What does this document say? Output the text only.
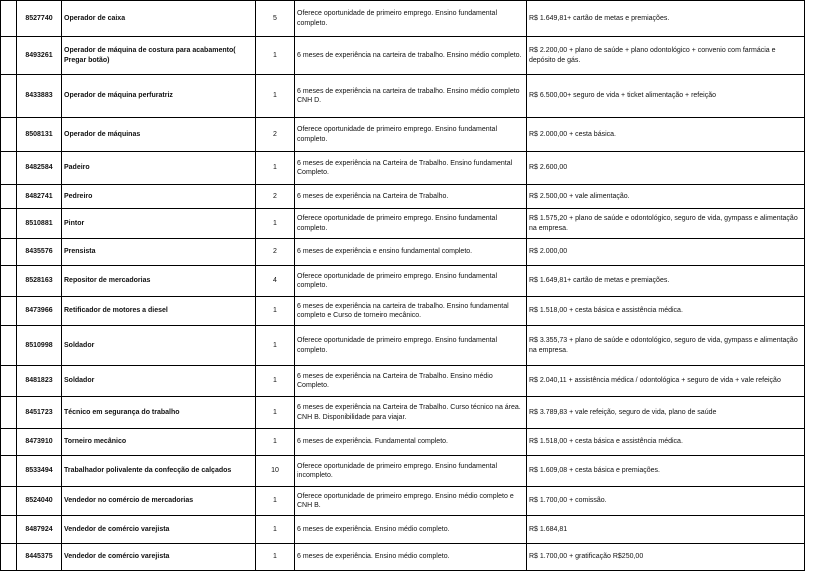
	8527740	Operador de caixa	5	Oferece oportunidade de primeiro emprego. Ensino fundamental completo.	R$ 1.649,81+ cartão de metas e premiações.
	8493261	Operador de máquina de costura para acabamento( Pregar botão)	1	6 meses de experiência na carteira de trabalho. Ensino médio completo.	R$ 2.200,00 + plano de saúde + plano odontológico + convenio com farmácia e depósito de gás.
	8433883	Operador de máquina perfuratriz	1	6 meses de experiência na carteira de trabalho. Ensino médio completo CNH D.	R$ 6.500,00+ seguro de vida + ticket alimentação + refeição
	8508131	Operador de máquinas	2	Oferece oportunidade de primeiro emprego. Ensino fundamental completo.	R$ 2.000,00 + cesta básica.
	8482584	Padeiro	1	6 meses de experiência na Carteira de Trabalho. Ensino fundamental Completo.	R$ 2.600,00
	8482741	Pedreiro	2	6 meses de experiência na Carteira de Trabalho.	R$ 2.500,00 + vale alimentação.
	8510881	Pintor	1	Oferece oportunidade de primeiro emprego. Ensino fundamental completo.	R$ 1.575,20 + plano de saúde e odontológico, seguro de vida, gympass e alimentação na empresa.
	8435576	Prensista	2	6 meses de experiência e ensino fundamental completo.	R$ 2.000,00
	8528163	Repositor de mercadorias	4	Oferece oportunidade de primeiro emprego. Ensino fundamental completo.	R$ 1.649,81+ cartão de metas e premiações.
	8473966	Retificador de motores a diesel	1	6 meses de experiência na carteira de trabalho. Ensino fundamental completo e Curso de torneiro mecânico.	R$ 1.518,00 + cesta básica e assistência médica.
	8510998	Soldador	1	Oferece oportunidade de primeiro emprego. Ensino fundamental completo.	R$ 3.355,73 + plano de saúde e odontológico, seguro de vida, gympass e alimentação na empresa.
	8481823	Soldador	1	6 meses de experiência na Carteira de Trabalho. Ensino médio Completo.	R$ 2.040,11 + assistência médica / odontológica + seguro de vida + vale refeição
	8451723	Técnico em segurança do trabalho	1	6 meses de experiência na Carteira de Trabalho. Curso técnico na área. CNH B. Disponibilidade para viajar.	R$ 3.789,83 + vale refeição, seguro de vida, plano de saúde
	8473910	Torneiro mecânico	1	6 meses de experiência. Fundamental completo.	R$ 1.518,00 + cesta básica e assistência médica.
	8533494	Trabalhador polivalente da confecção de calçados	10	Oferece oportunidade de primeiro emprego. Ensino fundamental incompleto.	R$ 1.609,08 + cesta básica e premiações.
	8524040	Vendedor no comércio de mercadorias	1	Oferece oportunidade de primeiro emprego. Ensino médio completo e CNH B.	R$ 1.700,00 + comissão.
	8487924	Vendedor de comércio varejista	1	6 meses de experiência. Ensino médio completo.	R$ 1.684,81
	8445375	Vendedor de comércio varejista	1	6 meses de experiência. Ensino médio completo.	R$ 1.700,00 + gratificação R$250,00
